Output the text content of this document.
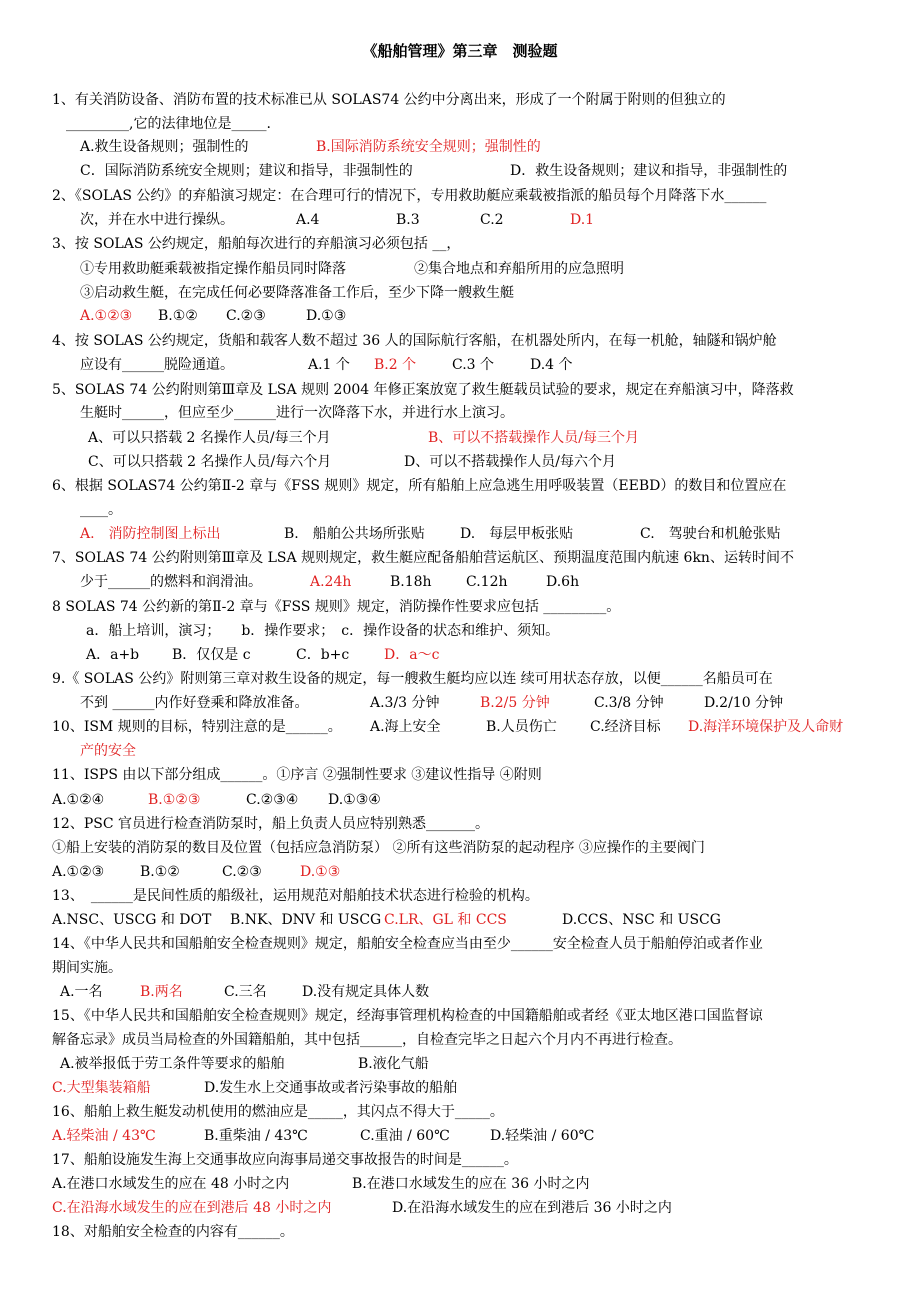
《船舶管理》第三章　测验题
1、有关消防设备、消防布置的技术标准已从 SOLAS74 公约中分离出来，形成了一个附属于附则的但独立的
_________,它的法律地位是_____.
A.救生设备规则；强制性的	B.国际消防系统安全规则；强制性的
C．国际消防系统安全规则；建议和指导，非强制性的	D．救生设备规则；建议和指导，非强制性的
2、《SOLAS 公约》的弃船演习规定：在合理可行的情况下，专用救助艇应乘载被指派的船员每个月降落下水______
次，并在水中进行操纵。	A.4	B.3	C.2	D.1
3、按 SOLAS 公约规定，船舶每次进行的弃船演习必须包括 __，
①专用救助艇乘载被指定操作船员同时降落	②集合地点和弃船所用的应急照明
③启动救生艇，在完成任何必要降落准备工作后，至少下降一艘救生艇
A.①②③ B.①② C.②③	D.①③
4、按 SOLAS 公约规定，货船和载客人数不超过 36 人的国际航行客船，在机器处所内，在每一机舱，轴隧和锅炉舱
应设有______脱险通道。	A.1 个 B.2 个	C.3 个	D.4 个
5、SOLAS 74 公约附则第Ⅲ章及 LSA 规则 2004 年修正案放宽了救生艇载员试验的要求，规定在弃船演习中，降落救
生艇时______，但应至少______进行一次降落下水，并进行水上演习。
A、可以只搭载 2 名操作人员/每三个月	B、可以不搭载操作人员/每三个月
C、可以只搭载 2 名操作人员/每六个月	D、可以不搭载操作人员/每六个月
6、根据 SOLAS74 公约第Ⅱ-2 章与《FSS 规则》规定，所有船舶上应急逃生用呼吸装置（EEBD）的数目和位置应在
____。
A.　消防控制图上标出	B.　船舶公共场所张贴	D.　每层甲板张贴	C.　驾驶台和机舱张贴
7、SOLAS 74 公约附则第Ⅲ章及 LSA 规则规定，救生艇应配备船舶营运航区、预期温度范围内航速 6kn、运转时间不
少于______的燃料和润滑油。	A.24h	B.18h C.12h	D.6h
8 SOLAS 74 公约新的第Ⅱ-2 章与《FSS 规则》规定，消防操作性要求应包括 _________。
a．船上培训，演习；　　b．操作要求；　c．操作设备的状态和维护、须知。
A．a+b B．仅仅是 c	C．b+c D．a～c
9.《 SOLAS 公约》附则第三章对救生设备的规定，每一艘救生艇均应以连 续可用状态存放，以便______名船员可在
不到 ______内作好登乘和降放准备。	A.3/3 分钟	B.2/5 分钟	C.3/8 分钟	D.2/10 分钟
10、ISM 规则的目标，特别注意的是______。 A.海上安全	B.人员伤亡 C.经济目标 D.海洋环境保护及人命财
产的安全
11、ISPS 由以下部分组成______。①序言 ②强制性要求 ③建议性指导 ④附则
A.①②④	B.①②③	C.②③④ D.①③④
12、PSC 官员进行检查消防泵时，船上负责人员应特别熟悉_______。
①船上安装的消防泵的数目及位置（包括应急消防泵） ②所有这些消防泵的起动程序 ③应操作的主要阀门
A.①②③	B.①②	C.②③	D.①③
13、　______是民间性质的船级社，运用规范对船舶技术状态进行检验的机构。
A.NSC、USCG 和 DOT B.NK、DNV 和 USCG C.LR、GL 和 CCS	D.CCS、NSC 和 USCG
14、《中华人民共和国船舶安全检查规则》规定，船舶安全检查应当由至少______安全检查人员于船舶停泊或者作业
期间实施。
A.一名	B.两名	C.三名	D.没有规定具体人数
15、《中华人民共和国船舶安全检查规则》规定，经海事管理机构检查的中国籍船舶或者经《亚太地区港口国监督谅
解备忘录》成员当局检查的外国籍船舶，其中包括______，自检查完毕之日起六个月内不再进行检查。
A.被举报低于劳工条件等要求的船舶	B.液化气船
C.大型集装箱船	D.发生水上交通事故或者污染事故的船舶
16、船舶上救生艇发动机使用的燃油应是_____，其闪点不得大于_____。
A.轻柴油 / 43℃	B.重柴油 / 43℃	C.重油 / 60℃	D.轻柴油 / 60℃
17、船舶设施发生海上交通事故应向海事局递交事故报告的时间是______。
A.在港口水域发生的应在 48 小时之内	B.在港口水域发生的应在 36 小时之内
C.在沿海水域发生的应在到港后 48 小时之内	D.在沿海水域发生的应在到港后 36 小时之内
18、对船舶安全检查的内容有______。
